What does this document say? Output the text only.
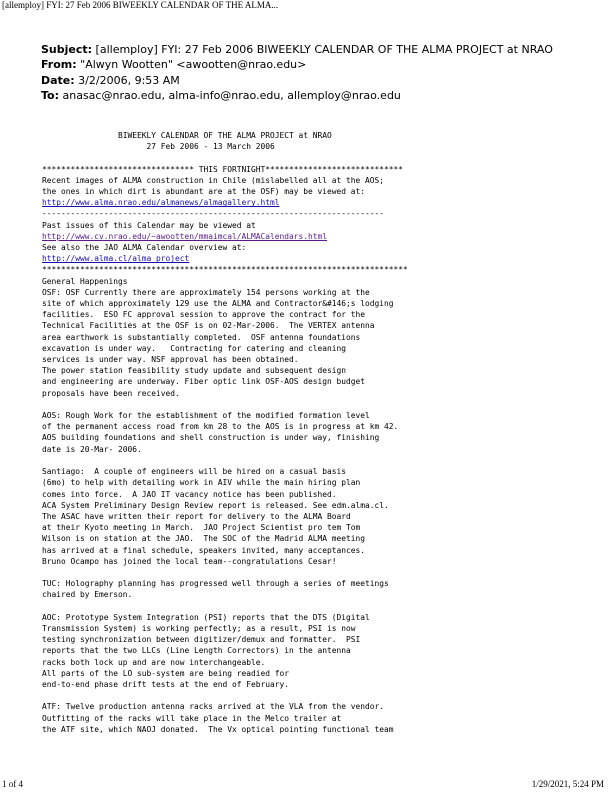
[allemploy] FYI: 27 Feb 2006 BIWEEKLY CALENDAR OF THE ALMA...
Subject: [allemploy] FYI: 27 Feb 2006 BIWEEKLY CALENDAR OF THE ALMA PROJECT at NRAO
From: "Alwyn Wootten" <awootten@nrao.edu>
Date: 3/2/2006, 9:53 AM
To: anasac@nrao.edu, alma-info@nrao.edu, allemploy@nrao.edu
BIWEEKLY CALENDAR OF THE ALMA PROJECT at NRAO
27 Feb 2006 - 13 March 2006

******************************** THIS FORTNIGHT*****************************
Recent images of ALMA construction in Chile (mislabelled all at the AOS;
the ones in which dirt is abundant are at the OSF) may be viewed at:
http://www.alma.nrao.edu/almanews/almagallery.html
------------------------------------------------------------------------
Past issues of this Calendar may be viewed at
http://www.cv.nrao.edu/~awootten/mmaimcal/ALMACalendars.html
See also the JAO ALMA Calendar overview at:
http://www.alma.cl/alma_project
*****************************************************************************
General Happenings
OSF: OSF Currently there are approximately 154 persons working at the
site of which approximately 129 use the ALMA and Contractor&#146;s lodging
facilities.  ESO FC approval session to approve the contract for the
Technical Facilities at the OSF is on 02-Mar-2006.  The VERTEX antenna
area earthwork is substantially completed.  OSF antenna foundations
excavation is under way.   Contracting for catering and cleaning
services is under way. NSF approval has been obtained.
The power station feasibility study update and subsequent design
and engineering are underway. Fiber optic link OSF-AOS design budget
proposals have been received.

AOS: Rough Work for the establishment of the modified formation level
of the permanent access road from km 28 to the AOS is in progress at km 42.
AOS building foundations and shell construction is under way, finishing
date is 20-Mar- 2006.

Santiago:  A couple of engineers will be hired on a casual basis
(6mo) to help with detailing work in AIV while the main hiring plan
comes into force.  A JAO IT vacancy notice has been published.
ACA System Preliminary Design Review report is released. See edm.alma.cl.
The ASAC have written their report for delivery to the ALMA Board
at their Kyoto meeting in March.  JAO Project Scientist pro tem Tom
Wilson is on station at the JAO.  The SOC of the Madrid ALMA meeting
has arrived at a final schedule, speakers invited, many acceptances.
Bruno Ocampo has joined the local team--congratulations Cesar!

TUC: Holography planning has progressed well through a series of meetings
chaired by Emerson.

AOC: Prototype System Integration (PSI) reports that the DTS (Digital
Transmission System) is working perfectly; as a result, PSI is now
testing synchronization between digitizer/demux and formatter.  PSI
reports that the two LLCs (Line Length Correctors) in the antenna
racks both lock up and are now interchangeable.
All parts of the LO sub-system are being readied for
end-to-end phase drift tests at the end of February.

ATF: Twelve production antenna racks arrived at the VLA from the vendor.
Outfitting of the racks will take place in the Melco trailer at
the ATF site, which NAOJ donated.  The Vx optical pointing functional team
1 of 4	1/29/2021, 5:24 PM
